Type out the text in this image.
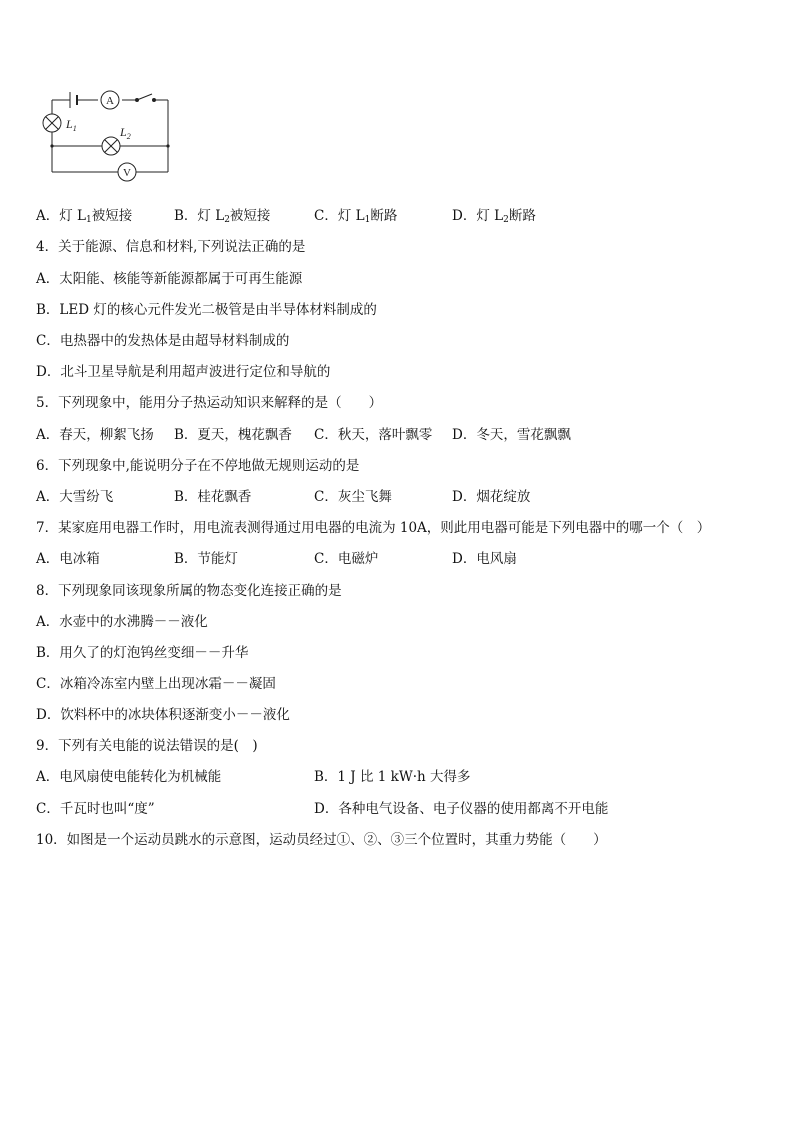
A
$L_1$	$L_2$
V
A．灯 $L_1$被短接	B．灯 $L_2$被短接	C．灯 $L_1$断路	D．灯 $L_2$断路
4．关于能源、信息和材料,下列说法正确的是
A．太阳能、核能等新能源都属于可再生能源
B．LED 灯的核心元件发光二极管是由半导体材料制成的
C．电热器中的发热体是由超导材料制成的
D．北斗卫星导航是利用超声波进行定位和导航的
5．下列现象中，能用分子热运动知识来解释的是（　　）
A．春天，柳絮飞扬 B．夏天，槐花飘香 C．秋天，落叶飘零 D．冬天，雪花飘飘
6．下列现象中,能说明分子在不停地做无规则运动的是
A．大雪纷飞	B．桂花飘香	C．灰尘飞舞	D．烟花绽放
7．某家庭用电器工作时，用电流表测得通过用电器的电流为 10A，则此用电器可能是下列电器中的哪一个（　）
A．电冰箱	B．节能灯	C．电磁炉	D．电风扇
8．下列现象同该现象所属的物态变化连接正确的是
A．水壶中的水沸腾－－液化
B．用久了的灯泡钨丝变细－－升华
C．冰箱冷冻室内壁上出现冰霜－－凝固
D．饮料杯中的冰块体积逐渐变小－－液化
9．下列有关电能的说法错误的是(　)
A．电风扇使电能转化为机械能	B．1 J 比 1 kW·h 大得多
C．千瓦时也叫“度”	D．各种电气设备、电子仪器的使用都离不开电能
10．如图是一个运动员跳水的示意图，运动员经过①、②、③三个位置时，其重力势能（　　）
